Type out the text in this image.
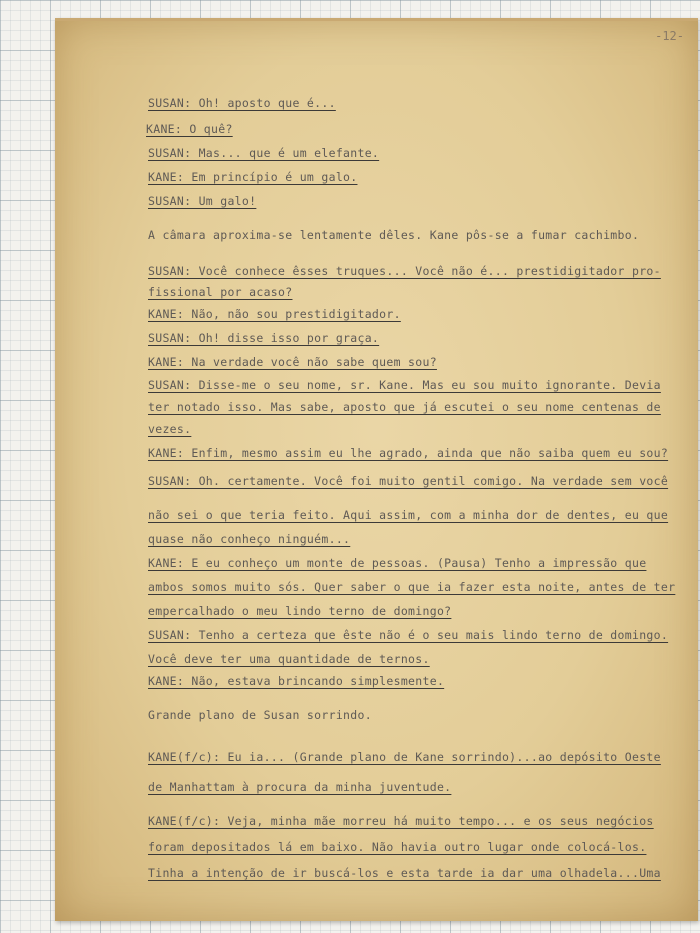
-12-

SUSAN: Oh! aposto que é...

KANE: O quê?

SUSAN: Mas... que é um elefante.

KANE: Em princípio é um galo.

SUSAN: Um galo!

A câmara aproxima-se lentamente dêles. Kane pôs-se a fumar cachimbo.

SUSAN: Você conhece êsses truques... Você não é... prestidigitador pro-

fissional por acaso?

KANE: Não, não sou prestidigitador.

SUSAN: Oh! disse isso por graça.

KANE: Na verdade você não sabe quem sou?

SUSAN: Disse-me o seu nome, sr. Kane. Mas eu sou muito ignorante. Devia

ter notado isso. Mas sabe, aposto que já escutei o seu nome centenas de

vezes.

KANE: Enfim, mesmo assim eu lhe agrado, ainda que não saiba quem eu sou?

SUSAN: Oh. certamente. Você foi muito gentil comigo. Na verdade sem você

não sei o que teria feito. Aqui assim, com a minha dor de dentes, eu que

quase não conheço ninguém...

KANE: E eu conheço um monte de pessoas. (Pausa) Tenho a impressão que

ambos somos muito sós. Quer saber o que ia fazer esta noite, antes de ter

empercalhado o meu lindo terno de domingo?

SUSAN: Tenho a certeza que êste não é o seu mais lindo terno de domingo.

Você deve ter uma quantidade de ternos.

KANE: Não, estava brincando simplesmente.

Grande plano de Susan sorrindo.

KANE(f/c): Eu ia... (Grande plano de Kane sorrindo)...ao depósito Oeste

de Manhattam à procura da minha juventude.

KANE(f/c): Veja, minha mãe morreu há muito tempo... e os seus negócios

foram depositados lá em baixo. Não havia outro lugar onde colocá-los.

Tinha a intenção de ir buscá-los e esta tarde ia dar uma olhadela...Uma
